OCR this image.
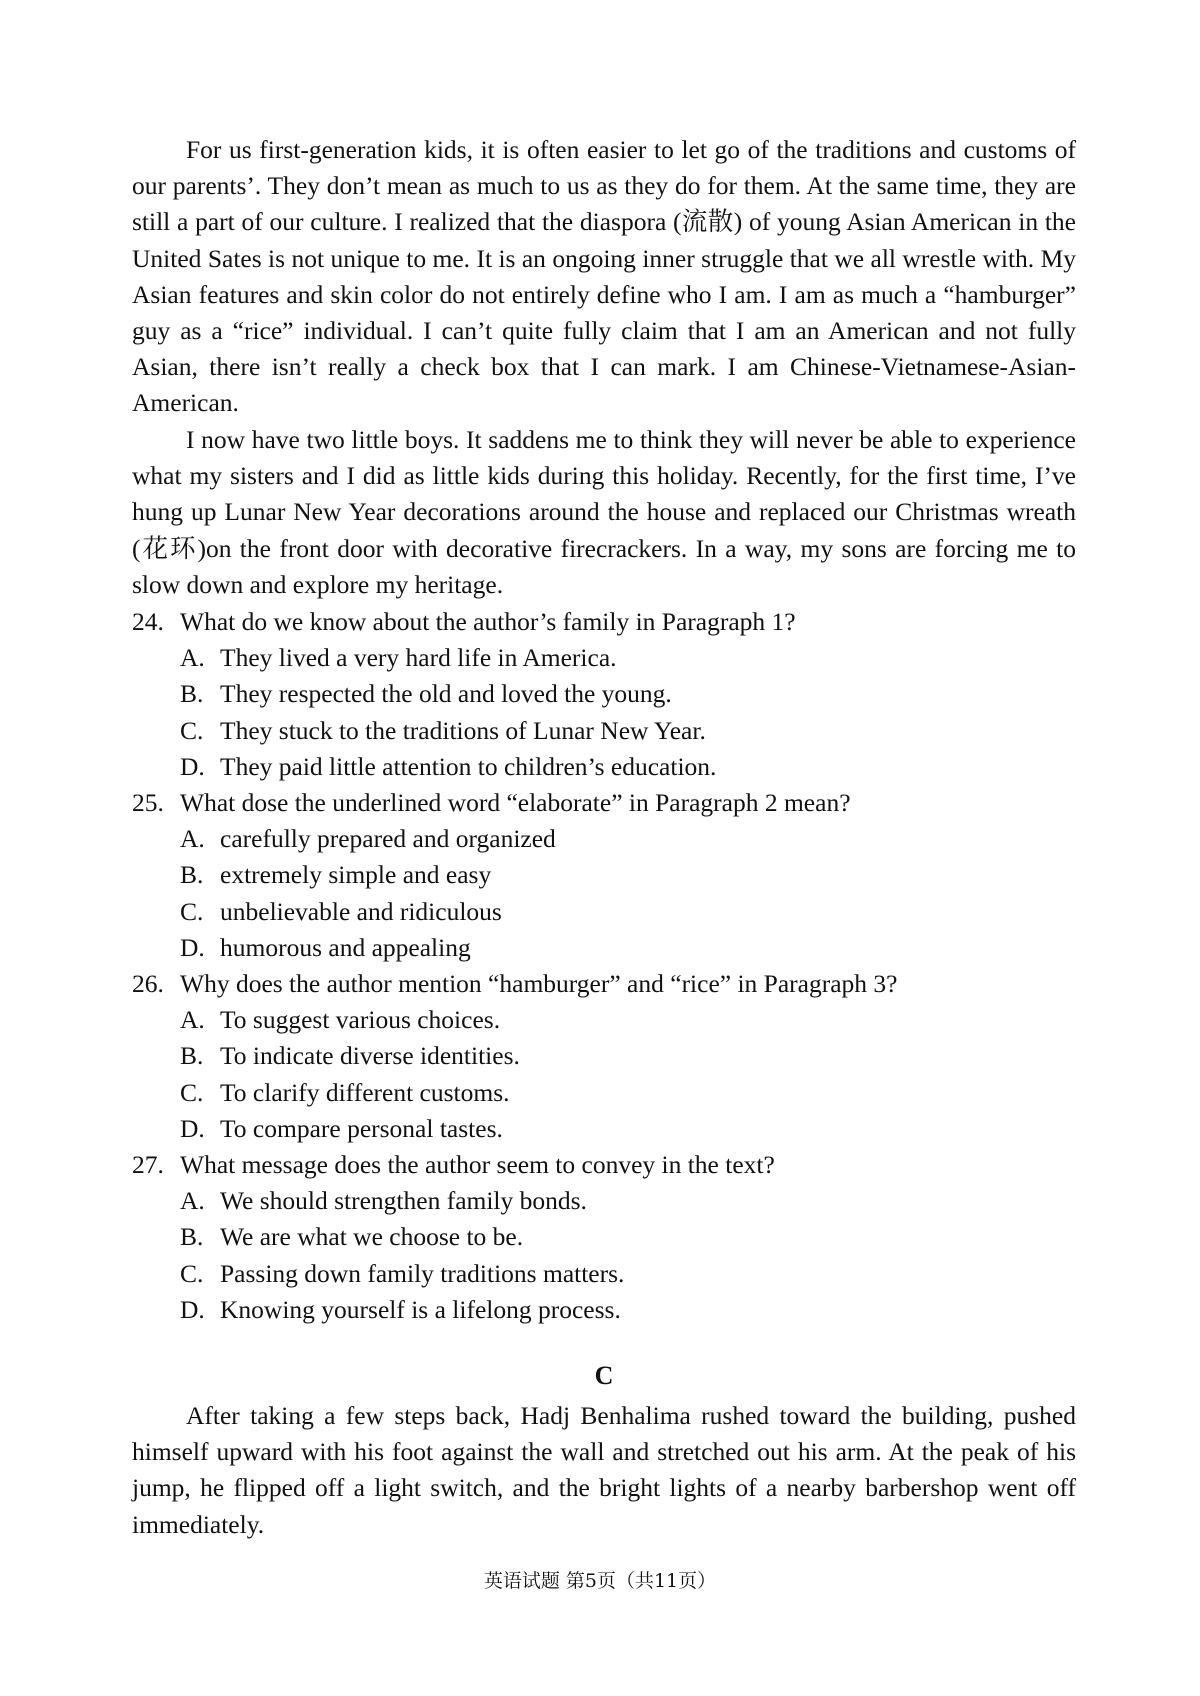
For us first-generation kids, it is often easier to let go of the traditions and customs of our parents’. They don’t mean as much to us as they do for them. At the same time, they are still a part of our culture. I realized that the diaspora (流散) of young Asian American in the United Sates is not unique to me. It is an ongoing inner struggle that we all wrestle with. My Asian features and skin color do not entirely define who I am. I am as much a “hamburger” guy as a “rice” individual. I can’t quite fully claim that I am an American and not fully Asian, there isn’t really a check box that I can mark. I am Chinese-Vietnamese-Asian-American.

I now have two little boys. It saddens me to think they will never be able to experience what my sisters and I did as little kids during this holiday. Recently, for the first time, I’ve hung up Lunar New Year decorations around the house and replaced our Christmas wreath (花环)on the front door with decorative firecrackers. In a way, my sons are forcing me to slow down and explore my heritage.

24. What do we know about the author’s family in Paragraph 1?
A. They lived a very hard life in America.
B. They respected the old and loved the young.
C. They stuck to the traditions of Lunar New Year.
D. They paid little attention to children’s education.
25. What dose the underlined word “elaborate” in Paragraph 2 mean?
A. carefully prepared and organized
B. extremely simple and easy
C. unbelievable and ridiculous
D. humorous and appealing
26. Why does the author mention “hamburger” and “rice” in Paragraph 3?
A. To suggest various choices.
B. To indicate diverse identities.
C. To clarify different customs.
D. To compare personal tastes.
27. What message does the author seem to convey in the text?
A. We should strengthen family bonds.
B. We are what we choose to be.
C. Passing down family traditions matters.
D. Knowing yourself is a lifelong process.
C

After taking a few steps back, Hadj Benhalima rushed toward the building, pushed himself upward with his foot against the wall and stretched out his arm. At the peak of his jump, he flipped off a light switch, and the bright lights of a nearby barbershop went off immediately.

英语试题 第5页（共11页）
